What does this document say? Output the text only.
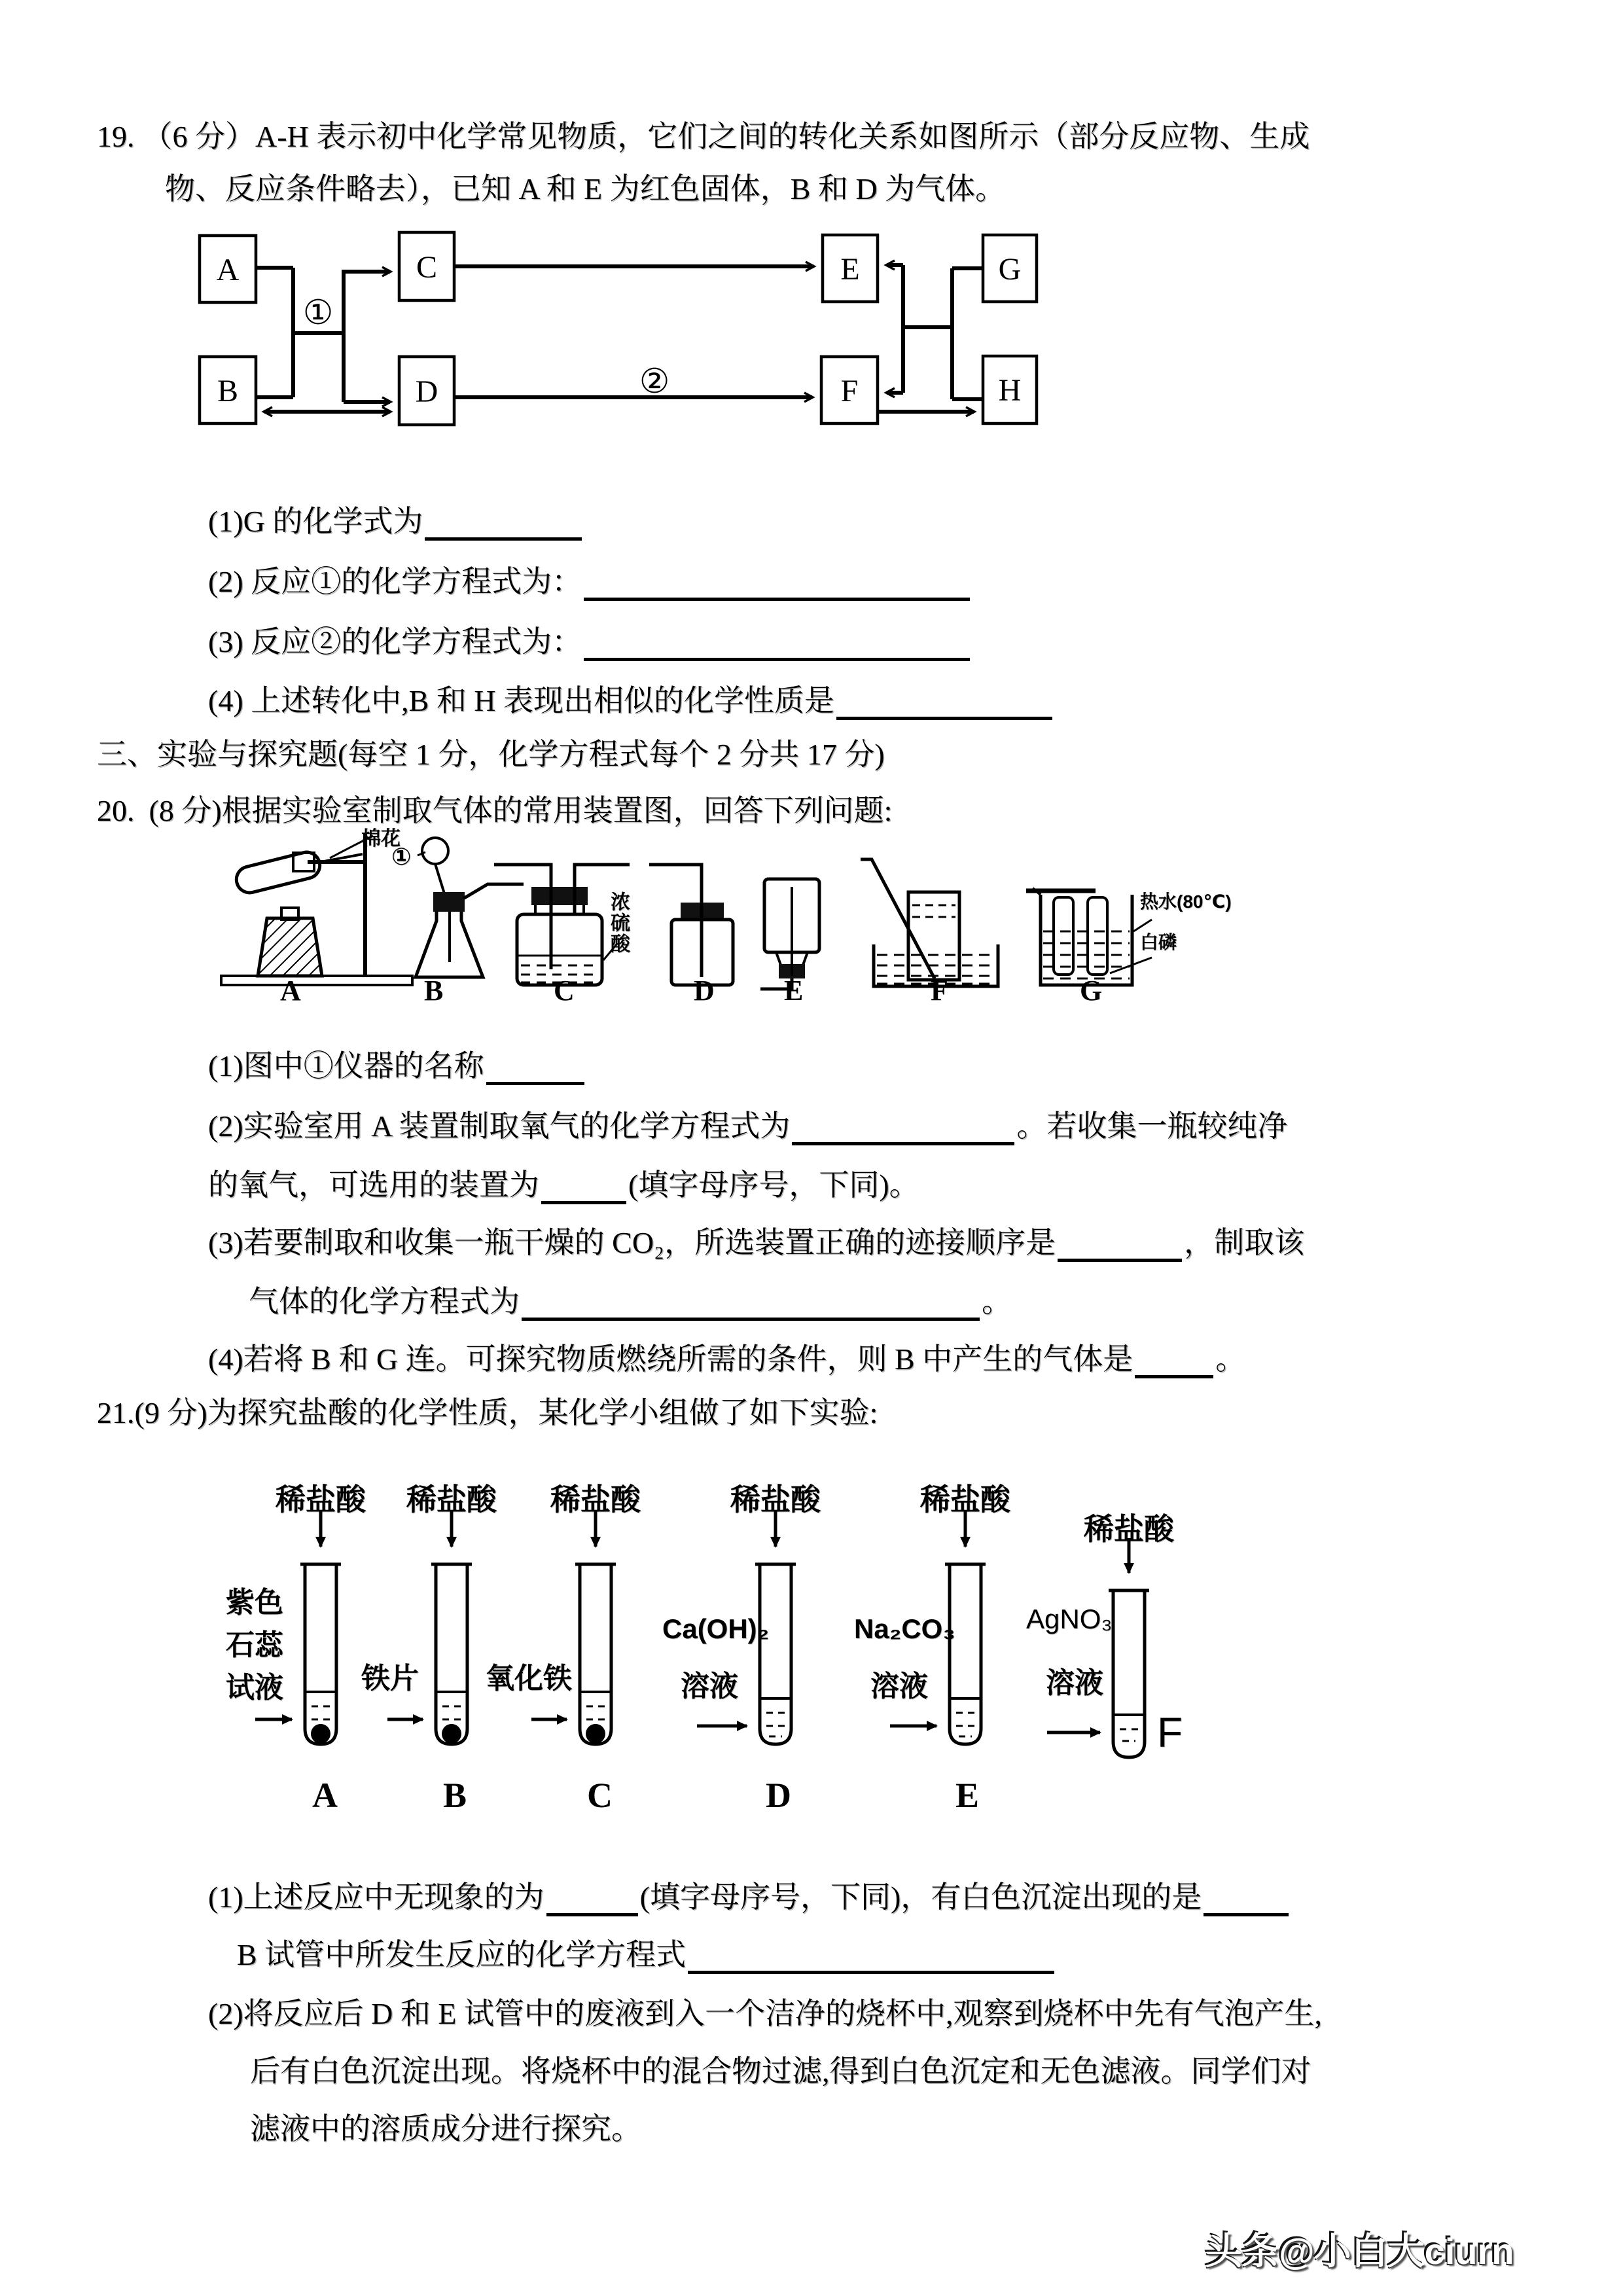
19. （6 分）A-H 表示初中化学常见物质，它们之间的转化关系如图所示（部分反应物、生成
物、反应条件略去），已知 A 和 E 为红色固体，B 和 D 为气体。
A
B
C
D
E
F
G
H
①
②
(1)G 的化学式为
(2) 反应①的化学方程式为：
(3) 反应②的化学方程式为：
(4) 上述转化中,B 和 H 表现出相似的化学性质是
三、实验与探究题(每空 1 分，化学方程式每个 2 分共 17 分)
20. (8 分)根据实验室制取气体的常用装置图，回答下列问题:
棉花
①
浓硫酸	热水(80℃)
白磷
A	B	C	D E	F	G
(1)图中①仪器的名称
(2)实验室用 A 装置制取氧气的化学方程式为	。若收集一瓶较纯净
的氧气，可选用的装置为	(填字母序号，下同)。
(3)若要制取和收集一瓶干燥的 CO₂，所选装置正确的迹接顺序是	，制取该
气体的化学方程式为	。
(4)若将 B 和 G 连。可探究物质燃绕所需的条件，则 B 中产生的气体是	。
21.(9 分)为探究盐酸的化学性质，某化学小组做了如下实验:
稀盐酸 稀盐酸 稀盐酸	稀盐酸	稀盐酸
稀盐酸
紫色
石蕊
试液	铁片 氧化铁
Ca(OH)₂
溶液
Na₂CO₃
溶液
AgNO₃
溶液
F
A	B	C	D	E
(1)上述反应中无现象的为	(填字母序号，下同)，有白色沉淀出现的是
B 试管中所发生反应的化学方程式
(2)将反应后 D 和 E 试管中的废液到入一个洁净的烧杯中,观察到烧杯中先有气泡产生,
后有白色沉淀出现。将烧杯中的混合物过滤,得到白色沉定和无色滤液。同学们对
滤液中的溶质成分进行探究。
头条@小白大ciurn
